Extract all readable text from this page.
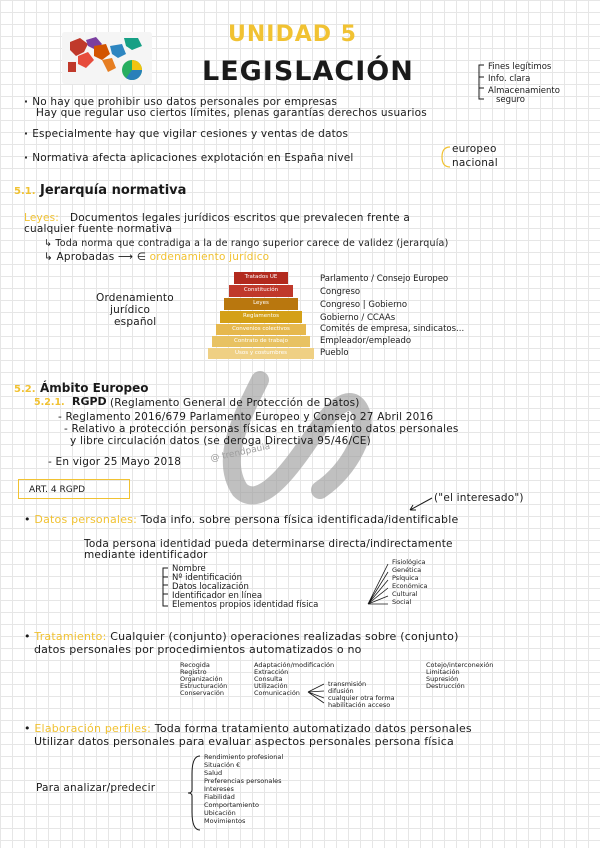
UNIDAD 5
LEGISLACIÓN	Fines legítimos
Info. clara
Almacenamiento
seguro
· No hay que prohibir uso datos personales por empresas
Hay que regular uso ciertos límites, plenas garantías derechos usuarios
· Especialmente hay que vigilar cesiones y ventas de datos
· Normativa afecta aplicaciones explotación en España nivel
europeo
nacional
5.1. Jerarquía normativa
Leyes: Documentos legales jurídicos escritos que prevalecen frente a
cualquier fuente normativa
↳ Toda norma que contradiga a la de rango superior carece de validez (jerarquía)
↳ Aprobadas ⟶ ∈ ordenamiento jurídico
Ordenamiento
jurídico
español
Tratados UE
Constitución
Leyes
Reglamentos
Convenios colectivos
Contrato de trabajo
Usos y costumbres
Parlamento / Consejo Europeo
Congreso
Congreso | Gobierno
Gobierno / CCAAs
Comités de empresa, sindicatos...
Empleador/empleado
Pueblo
@ trendpauia
5.2. Ámbito Europeo
5.2.1. RGPD (Reglamento General de Protección de Datos)
- Reglamento 2016/679 Parlamento Europeo y Consejo 27 Abril 2016
- Relativo a protección personas físicas en tratamiento datos personales
y libre circulación datos (se deroga Directiva 95/46/CE)
- En vigor 25 Mayo 2018
ART. 4 RGPD
("el interesado")
• Datos personales: Toda info. sobre persona física identificada/identificable
Toda persona identidad pueda determinarse directa/indirectamente
mediante identificador
Nombre
Nº identificación
Datos localización
Identificador en línea
Elementos propios identidad física
Fisiológica
Genética
Psíquica
Económica
Cultural
Social
• Tratamiento: Cualquier (conjunto) operaciones realizadas sobre (conjunto)
datos personales por procedimientos automatizados o no
Recogida
Registro
Organización
Estructuración
Conservación
Adaptación/modificación
Extracción
Consulta
Utilización
Comunicación
transmisión
difusión
cualquier otra forma
habilitación acceso
Cotejo/interconexión
Limitación
Supresión
Destrucción
• Elaboración perfiles: Toda forma tratamiento automatizado datos personales
Utilizar datos personales para evaluar aspectos personales persona física
Para analizar/predecir
Rendimiento profesional
Situación €
Salud
Preferencias personales
Intereses
Fiabilidad
Comportamiento
Ubicación
Movimientos
